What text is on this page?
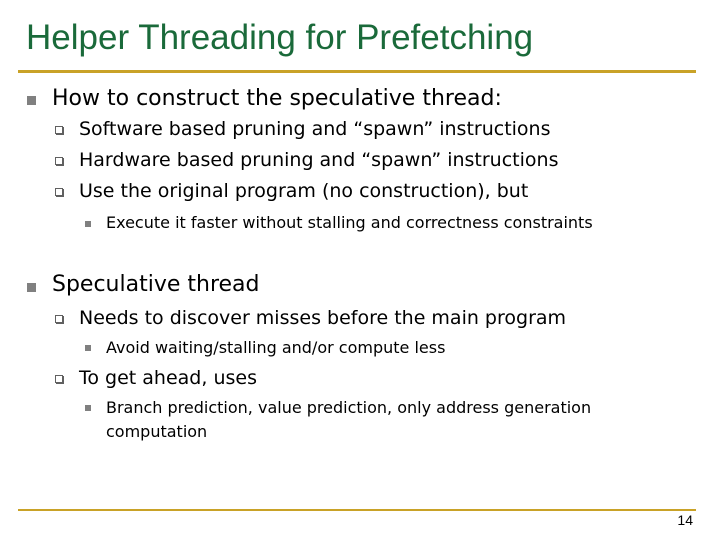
Helper Threading for Prefetching
How to construct the speculative thread:
Software based pruning and “spawn” instructions
Hardware based pruning and “spawn” instructions
Use the original program (no construction), but
Execute it faster without stalling and correctness constraints
Speculative thread
Needs to discover misses before the main program
Avoid waiting/stalling and/or compute less
To get ahead, uses
Branch prediction, value prediction, only address generation
computation
14
